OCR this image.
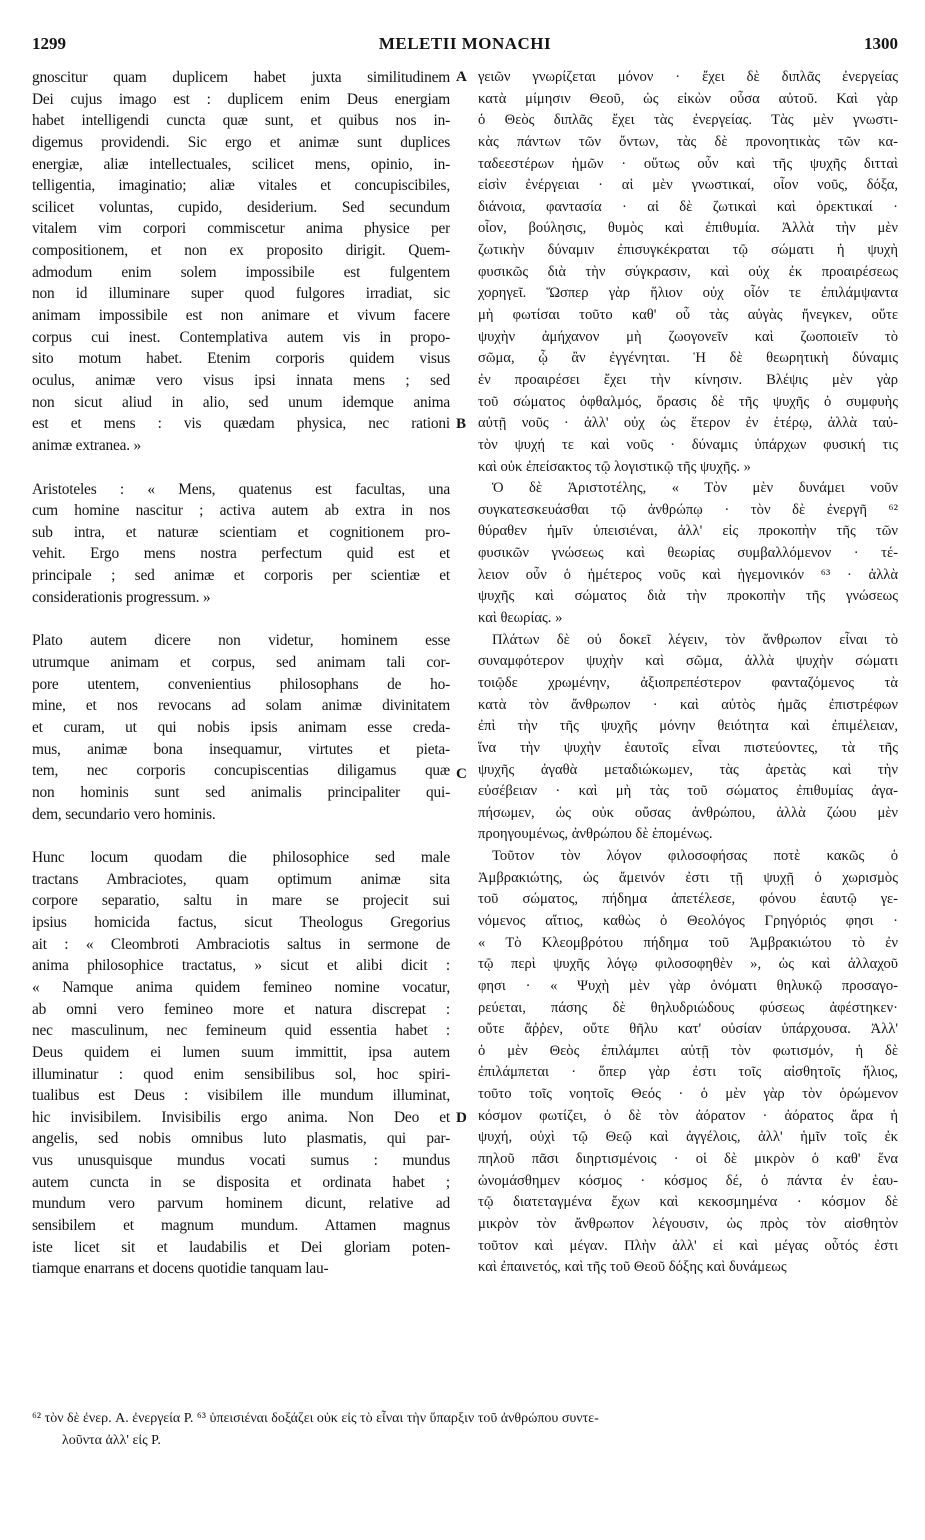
1299	MELETII MONACHI	1300
gnoscitur quam duplicem habet juxta similitudinem
Dei cujus imago est : duplicem enim Deus energiam
habet intelligendi cuncta quæ sunt, et quibus nos in-
digemus providendi. Sic ergo et animæ sunt duplices
energiæ, aliæ intellectuales, scilicet mens, opinio, in-
telligentia, imaginatio; aliæ vitales et concupiscibiles,
scilicet voluntas, cupido, desiderium. Sed secundum
vitalem vim corpori commiscetur anima physice per
compositionem, et non ex proposito dirigit. Quem-
admodum enim solem impossibile est fulgentem
non id illuminare super quod fulgores irradiat, sic
animam impossibile est non animare et vivum facere
corpus cui inest. Contemplativa autem vis in propo-
sito motum habet. Etenim corporis quidem visus
oculus, animæ vero visus ipsi innata mens ; sed
non sicut aliud in alio, sed unum idemque anima
est et mens : vis quædam physica, nec rationi
animæ extranea. »
Aristoteles : « Mens, quatenus est facultas, una
cum homine nascitur ; activa autem ab extra in nos
sub intra, et naturæ scientiam et cognitionem pro-
vehit. Ergo mens nostra perfectum quid est et
principale ; sed animæ et corporis per scientiæ et
considerationis progressum. »
Plato autem dicere non videtur, hominem esse
utrumque animam et corpus, sed animam tali cor-
pore utentem, convenientius philosophans de ho-
mine, et nos revocans ad solam animæ divinitatem
et curam, ut qui nobis ipsis animam esse creda-
mus, animæ bona insequamur, virtutes et pieta-
tem, nec corporis concupiscentias diligamus quæ
non hominis sunt sed animalis principaliter qui-
dem, secundario vero hominis.
Hunc locum quodam die philosophice sed male
tractans Ambraciotes, quam optimum animæ sita
corpore separatio, saltu in mare se projecit sui
ipsius homicida factus, sicut Theologus Gregorius
ait : « Cleombroti Ambraciotis saltus in sermone de
anima philosophice tractatus, » sicut et alibi dicit :
« Namque anima quidem femineo nomine vocatur,
ab omni vero femineo more et natura discrepat :
nec masculinum, nec femineum quid essentia habet :
Deus quidem ei lumen suum immittit, ipsa autem
illuminatur : quod enim sensibilibus sol, hoc spiri-
tualibus est Deus : visibilem ille mundum illuminat,
hic invisibilem. Invisibilis ergo anima. Non Deo et
angelis, sed nobis omnibus luto plasmatis, qui par-
vus unusquisque mundus vocati sumus : mundus
autem cuncta in se disposita et ordinata habet ;
mundum vero parvum hominem dicunt, relative ad
sensibilem et magnum mundum. Attamen magnus
iste licet sit et laudabilis et Dei gloriam poten-
tiamque enarrans et docens quotidie tanquam lau-
γειῶν γνωρίζεται μόνον · ἔχει δὲ διπλᾶς ἐνεργείας
κατὰ μίμησιν Θεοῦ, ὡς εἰκὼν οὖσα αὐτοῦ. Καὶ γὰρ
ὁ Θεὸς διπλᾶς ἔχει τὰς ἐνεργείας. Τὰς μὲν γνωστι-
κὰς πάντων τῶν ὄντων, τὰς δὲ προνοητικὰς τῶν κα-
ταδεεστέρων ἡμῶν · οὕτως οὖν καὶ τῆς ψυχῆς διτταὶ
εἰσὶν ἐνέργειαι · αἱ μὲν γνωστικαί, οἷον νοῦς, δόξα,
διάνοια, φαντασία · αἱ δὲ ζωτικαὶ καὶ ὀρεκτικαί ·
οἷον, βούλησις, θυμὸς καὶ ἐπιθυμία. Ἀλλὰ τὴν μὲν
ζωτικὴν δύναμιν ἐπισυγκέκραται τῷ σώματι ἡ ψυχὴ
φυσικῶς διὰ τὴν σύγκρασιν, καὶ οὐχ ἐκ προαιρέσεως
χορηγεῖ. Ὥσπερ γὰρ ἥλιον οὐχ οἷόν τε ἐπιλάμψαντα
μὴ φωτίσαι τοῦτο καθ' οὗ τὰς αὐγὰς ἤνεγκεν, οὕτε
ψυχὴν ἀμήχανον μὴ ζωογονεῖν καὶ ζωοποιεῖν τὸ
σῶμα, ᾧ ἂν ἐγγένηται. Ἡ δὲ θεωρητικὴ δύναμις
ἐν προαιρέσει ἔχει τὴν κίνησιν. Βλέψις μὲν γὰρ
τοῦ σώματος ὀφθαλμός, ὅρασις δὲ τῆς ψυχῆς ὁ συμφυὴς
αὐτῇ νοῦς · ἀλλ' οὐχ ὡς ἕτερον ἐν ἑτέρῳ, ἀλλὰ ταὐ-
τὸν ψυχή τε καὶ νοῦς · δύναμις ὑπάρχων φυσική τις
καὶ οὐκ ἐπείσακτος τῷ λογιστικῷ τῆς ψυχῆς. »
Ὁ δὲ Ἀριστοτέλης, « Τὸν μὲν δυνάμει νοῦν
συγκατεσκευάσθαι τῷ ἀνθρώπῳ · τὸν δὲ ἐνεργῆ ⁶²
θύραθεν ἡμῖν ὑπεισιέναι, ἀλλ' εἰς προκοπὴν τῆς τῶν
φυσικῶν γνώσεως καὶ θεωρίας συμβαλλόμενον · τέ-
λειον οὖν ὁ ἡμέτερος νοῦς καὶ ἡγεμονικόν ⁶³ · ἀλλὰ
ψυχῆς καὶ σώματος διὰ τὴν προκοπὴν τῆς γνώσεως
καὶ θεωρίας. »
Πλάτων δὲ οὐ δοκεῖ λέγειν, τὸν ἄνθρωπον εἶναι τὸ
συναμφότερον ψυχὴν καὶ σῶμα, ἀλλὰ ψυχὴν σώματι
τοιῷδε χρωμένην, ἀξιοπρεπέστερον φανταζόμενος τὰ
κατὰ τὸν ἄνθρωπον · καὶ αὐτὸς ἡμᾶς ἐπιστρέφων
ἐπὶ τὴν τῆς ψυχῆς μόνην θειότητα καὶ ἐπιμέλειαν,
ἵνα τὴν ψυχὴν ἑαυτοῖς εἶναι πιστεύοντες, τὰ τῆς
ψυχῆς ἀγαθὰ μεταδιώκωμεν, τὰς ἀρετὰς καὶ τὴν
εὐσέβειαν · καὶ μὴ τὰς τοῦ σώματος ἐπιθυμίας ἀγα-
πήσωμεν, ὡς οὐκ οὔσας ἀνθρώπου, ἀλλὰ ζώου μὲν
προηγουμένως, ἀνθρώπου δὲ ἑπομένως.
Τοῦτον τὸν λόγον φιλοσοφήσας ποτὲ κακῶς ὁ
Ἀμβρακιώτης, ὡς ἄμεινόν ἐστι τῇ ψυχῇ ὁ χωρισμὸς
τοῦ σώματος, πήδημα ἀπετέλεσε, φόνου ἑαυτῷ γε-
νόμενος αἴτιος, καθὼς ὁ Θεολόγος Γρηγόριός φησι ·
« Τὸ Κλεομβρότου πήδημα τοῦ Ἀμβρακιώτου τὸ ἐν
τῷ περὶ ψυχῆς λόγῳ φιλοσοφηθὲν », ὡς καὶ ἀλλαχοῦ
φησι · « Ψυχὴ μὲν γὰρ ὀνόματι θηλυκῷ προσαγο-
ρεύεται, πάσης δὲ θηλυδριώδους φύσεως ἀφέστηκεν·
οὔτε ἄῤῥεν, οὔτε θῆλυ κατ' οὐσίαν ὑπάρχουσα. Ἀλλ'
ὁ μὲν Θεὸς ἐπιλάμπει αὐτῇ τὸν φωτισμόν, ἡ δὲ
ἐπιλάμπεται · ὅπερ γὰρ ἐστι τοῖς αἰσθητοῖς ἥλιος,
τοῦτο τοῖς νοητοῖς Θεός · ὁ μὲν γὰρ τὸν ὁρώμενον
κόσμον φωτίζει, ὁ δὲ τὸν ἀόρατον · ἀόρατος ἄρα ἡ
ψυχή, οὐχὶ τῷ Θεῷ καὶ ἀγγέλοις, ἀλλ' ἡμῖν τοῖς ἐκ
πηλοῦ πᾶσι διηρτισμένοις · οἱ δὲ μικρὸν ὁ καθ' ἕνα
ὠνομάσθημεν κόσμος · κόσμος δέ, ὁ πάντα ἐν ἑαυ-
τῷ διατεταγμένα ἔχων καὶ κεκοσμημένα · κόσμον δὲ
μικρὸν τὸν ἄνθρωπον λέγουσιν, ὡς πρὸς τὸν αἰσθητὸν
τοῦτον καὶ μέγαν. Πλὴν ἀλλ' εἰ καὶ μέγας οὗτός ἐστι
καὶ ἐπαινετός, καὶ τῆς τοῦ Θεοῦ δόξης καὶ δυνάμεως
A
B
C
D
⁶² τὸν δὲ ἐνερ. A. ἐνεργεία P. ⁶³ ὑπεισιέναι δοξάζει οὐκ εἰς τὸ εἶναι τὴν ὕπαρξιν τοῦ ἀνθρώπου συντε-
λοῦντα ἀλλ' εἰς P.
